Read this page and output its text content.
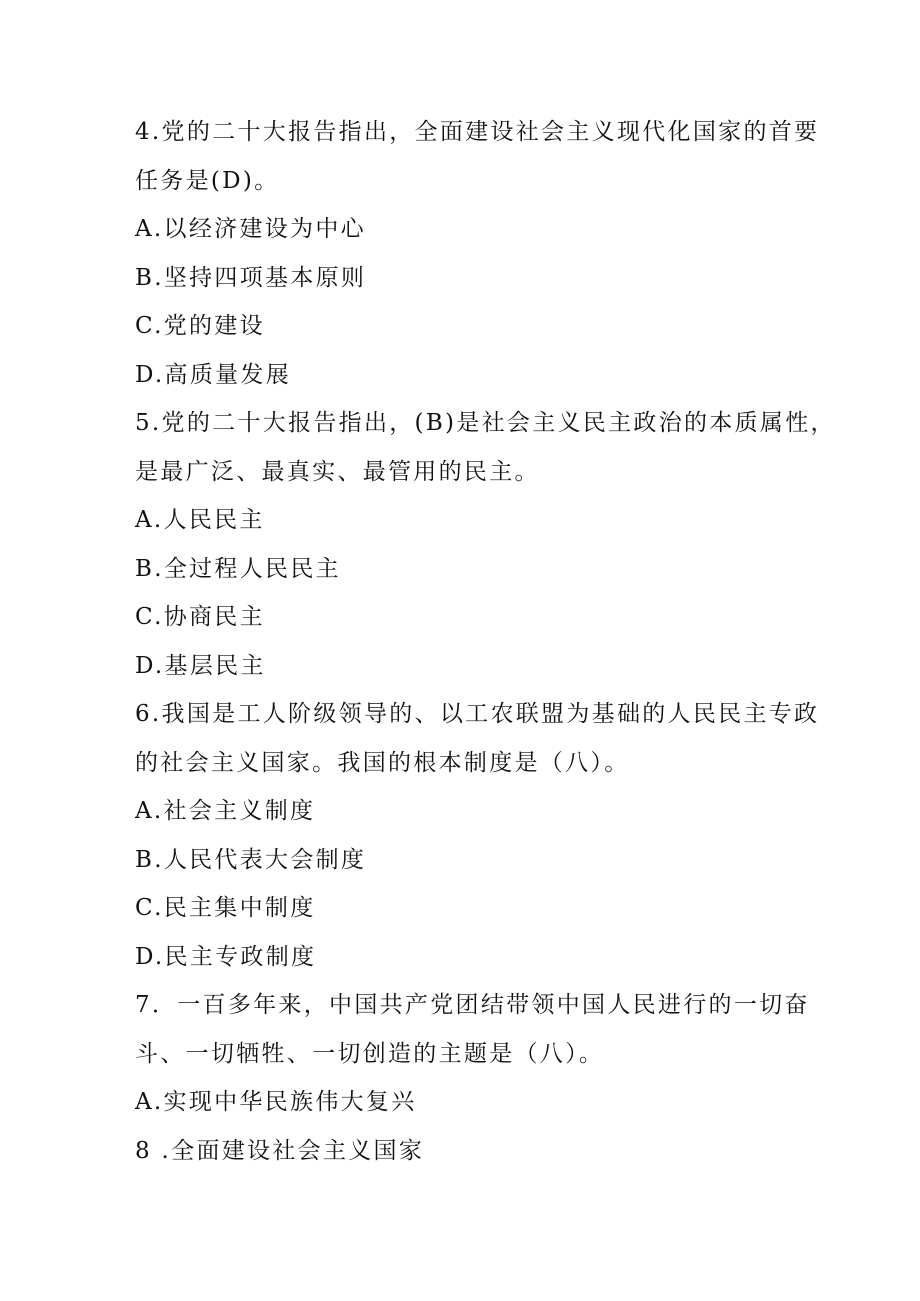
4.党的二十大报告指出，全面建设社会主义现代化国家的首要
任务是(D)。
A.以经济建设为中心
B.坚持四项基本原则
C.党的建设
D.高质量发展
5.党的二十大报告指出，(B)是社会主义民主政治的本质属性，
是最广泛、最真实、最管用的民主。
A.人民民主
B.全过程人民民主
C.协商民主
D.基层民主
6.我国是工人阶级领导的、以工农联盟为基础的人民民主专政
的社会主义国家。我国的根本制度是（八）。
A.社会主义制度
B.人民代表大会制度
C.民主集中制度
D.民主专政制度
7．一百多年来，中国共产党团结带领中国人民进行的一切奋
斗、一切牺牲、一切创造的主题是（八）。
A.实现中华民族伟大复兴
8 .全面建设社会主义国家
